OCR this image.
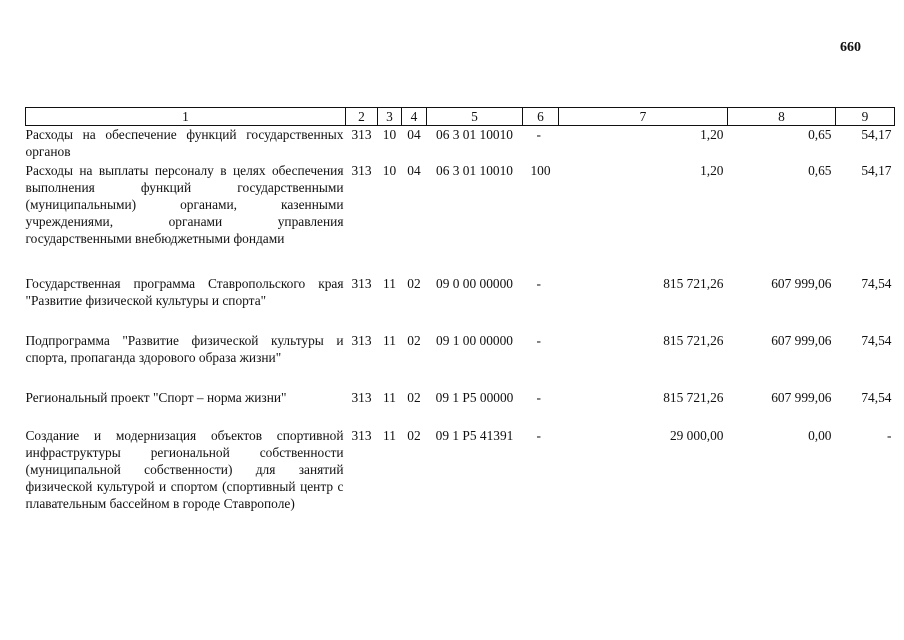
660
1	2	3	4	5	6	7	8	9
Расходы на обеспечение функций государственных органов	313	10	04	06 3 01 10010	-	1,20	0,65	54,17
Расходы на выплаты персоналу в целях обеспечения выполнения функций государственными (муниципальными) органами, казенными учреждениями, органами управления государственными внебюджетными фондами	313	10	04	06 3 01 10010	100	1,20	0,65	54,17
Государственная программа Ставропольского края "Развитие физической культуры и спорта"	313	11	02	09 0 00 00000	-	815 721,26	607 999,06	74,54
Подпрограмма "Развитие физической культуры и спорта, пропаганда здорового образа жизни"	313	11	02	09 1 00 00000	-	815 721,26	607 999,06	74,54
Региональный проект "Спорт – норма жизни"	313	11	02	09 1 P5 00000	-	815 721,26	607 999,06	74,54
Создание и модернизация объектов спортивной инфраструктуры региональной собственности (муниципальной собственности) для занятий физической культурой и спортом (спортивный центр с плавательным бассейном в городе Ставрополе)	313	11	02	09 1 P5 41391	-	29 000,00	0,00	-
